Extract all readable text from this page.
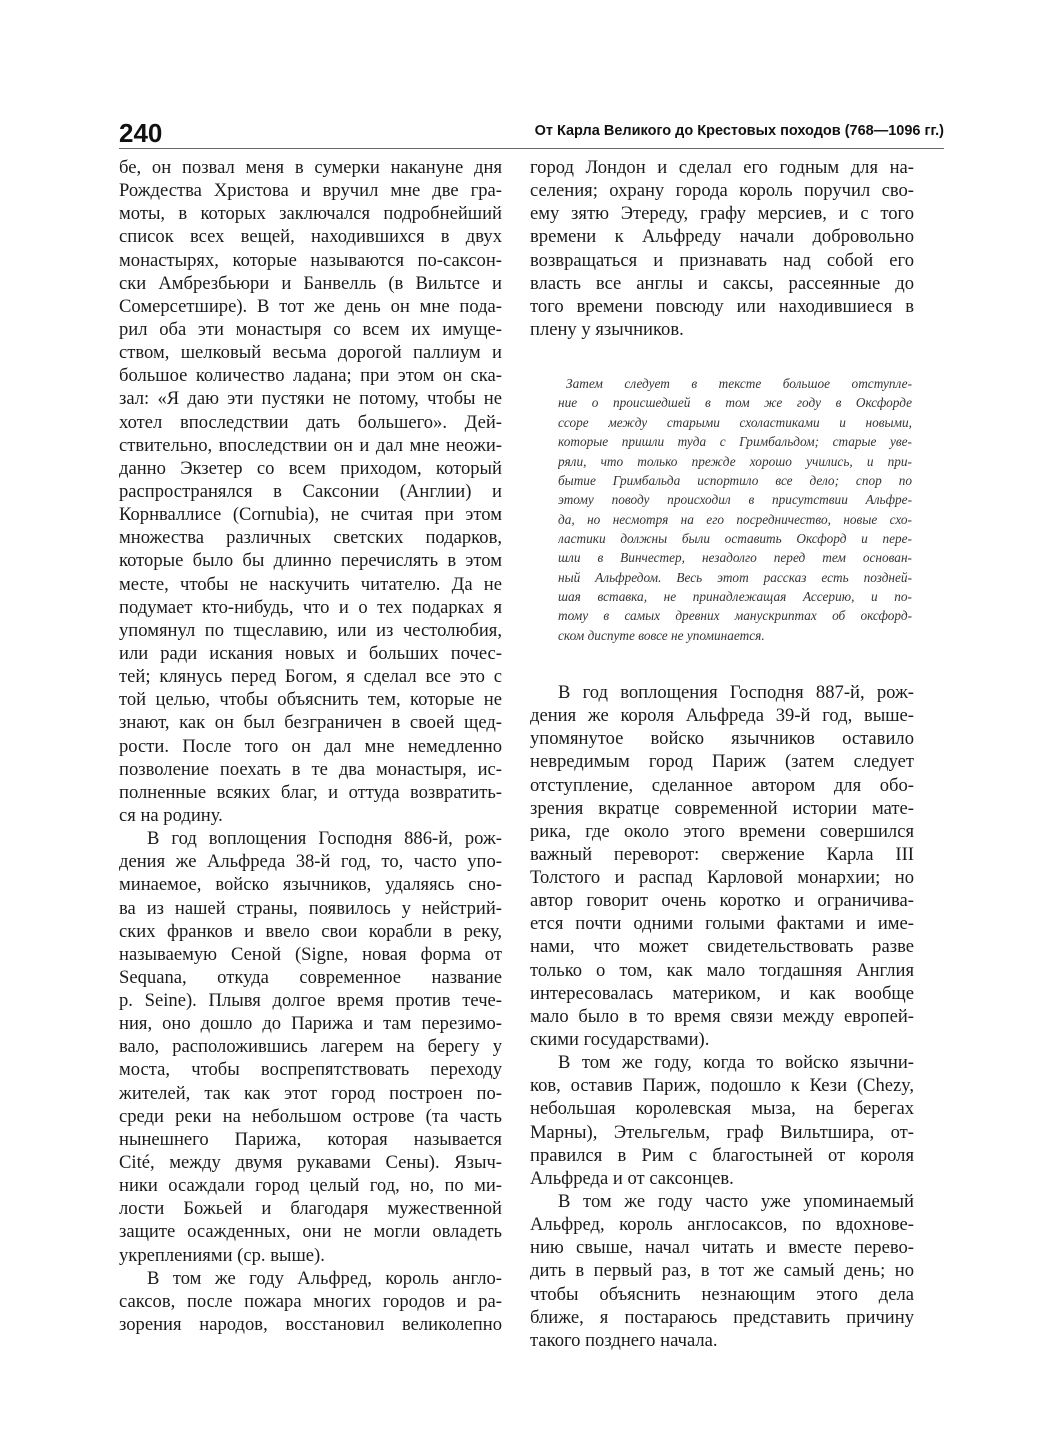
240	От Карла Великого до Крестовых походов (768—1096 гг.)
бе, он позвал меня в сумерки накануне дня
Рождества Христова и вручил мне две гра-
моты, в которых заключался подробнейший
список всех вещей, находившихся в двух
монастырях, которые называются по-саксон-
ски Амбрезбьюри и Банвелль (в Вильтсе и
Сомерсетшире). В тот же день он мне пода-
рил оба эти монастыря со всем их имуще-
ством, шелковый весьма дорогой паллиум и
большое количество ладана; при этом он ска-
зал: «Я даю эти пустяки не потому, чтобы не
хотел впоследствии дать большего». Дей-
ствительно, впоследствии он и дал мне неожи-
данно Экзетер со всем приходом, который
распространялся в Саксонии (Англии) и
Корнваллисе (Cornubia), не считая при этом
множества различных светских подарков,
которые было бы длинно перечислять в этом
месте, чтобы не наскучить читателю. Да не
подумает кто-нибудь, что и о тех подарках я
упомянул по тщеславию, или из честолюбия,
или ради искания новых и больших почес-
тей; клянусь перед Богом, я сделал все это с
той целью, чтобы объяснить тем, которые не
знают, как он был безграничен в своей щед-
рости. После того он дал мне немедленно
позволение поехать в те два монастыря, ис-
полненные всяких благ, и оттуда возвратить-
ся на родину.
В год воплощения Господня 886-й, рож-
дения же Альфреда 38-й год, то, часто упо-
минаемое, войско язычников, удаляясь сно-
ва из нашей страны, появилось у нейстрий-
ских франков и ввело свои корабли в реку,
называемую Сеной (Signe, новая форма от
Sequana, откуда современное название
р. Seine). Плывя долгое время против тече-
ния, оно дошло до Парижа и там перезимо-
вало, расположившись лагерем на берегу у
моста, чтобы воспрепятствовать переходу
жителей, так как этот город построен по-
среди реки на небольшом острове (та часть
нынешнего Парижа, которая называется
Cité, между двумя рукавами Сены). Языч-
ники осаждали город целый год, но, по ми-
лости Божьей и благодаря мужественной
защите осажденных, они не могли овладеть
укреплениями (ср. выше).
В том же году Альфред, король англо-
саксов, после пожара многих городов и ра-
зорения народов, восстановил великолепно
город Лондон и сделал его годным для на-
селения; охрану города король поручил сво-
ему зятю Этереду, графу мерсиев, и с того
времени к Альфреду начали добровольно
возвращаться и признавать над собой его
власть все англы и саксы, рассеянные до
того времени повсюду или находившиеся в
плену у язычников.
Затем следует в тексте большое отступле-
ние о происшедшей в том же году в Оксфорде
ссоре между старыми схоластиками и новыми,
которые пришли туда с Гримбальдом; старые уве-
ряли, что только прежде хорошо учились, и при-
бытие Гримбальда испортило все дело; спор по
этому поводу происходил в присутствии Альфре-
да, но несмотря на его посредничество, новые схо-
ластики должны были оставить Оксфорд и пере-
шли в Винчестер, незадолго перед тем основан-
ный Альфредом. Весь этот рассказ есть поздней-
шая вставка, не принадлежащая Ассерию, и по-
тому в самых древних манускриптах об оксфорд-
ском диспуте вовсе не упоминается.
В год воплощения Господня 887-й, рож-
дения же короля Альфреда 39-й год, выше-
упомянутое войско язычников оставило
невредимым город Париж (затем следует
отступление, сделанное автором для обо-
зрения вкратце современной истории мате-
рика, где около этого времени совершился
важный переворот: свержение Карла III
Толстого и распад Карловой монархии; но
автор говорит очень коротко и ограничива-
ется почти одними голыми фактами и име-
нами, что может свидетельствовать разве
только о том, как мало тогдашняя Англия
интересовалась материком, и как вообще
мало было в то время связи между европей-
скими государствами).
В том же году, когда то войско язычни-
ков, оставив Париж, подошло к Кези (Chezy,
небольшая королевская мыза, на берегах
Марны), Этельгельм, граф Вильтшира, от-
правился в Рим с благостыней от короля
Альфреда и от саксонцев.
В том же году часто уже упоминаемый
Альфред, король англосаксов, по вдохнове-
нию свыше, начал читать и вместе перево-
дить в первый раз, в тот же самый день; но
чтобы объяснить незнающим этого дела
ближе, я постараюсь представить причину
такого позднего начала.
